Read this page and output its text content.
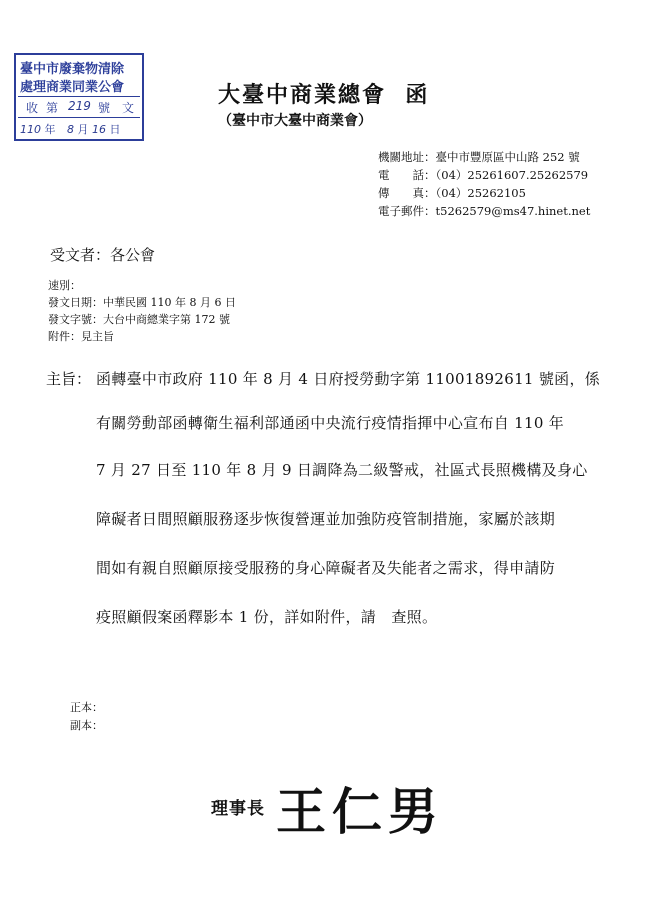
臺中市廢棄物清除
處理商業同業公會
收 第 219 號 文
110 年 8 月 16 日
大臺中商業總會  函
（臺中市大臺中商業會）
機關地址：臺中市豐原區中山路 252 號
電　　話：（04）25261607.25262579
傳　　真：（04）25262105
電子郵件：t5262579@ms47.hinet.net
受文者：各公會
速別：
發文日期：中華民國 110 年 8 月 6 日
發文字號：大台中商總業字第 172 號
附件：見主旨
主旨： 函轉臺中市政府 110 年 8 月 4 日府授勞動字第 11001892611 號函，係
有關勞動部函轉衛生福利部通函中央流行疫情指揮中心宣布自 110 年
7 月 27 日至 110 年 8 月 9 日調降為二級警戒，社區式長照機構及身心
障礙者日間照顧服務逐步恢復營運並加強防疫管制措施，家屬於該期
間如有親自照顧原接受服務的身心障礙者及失能者之需求，得申請防
疫照顧假案函釋影本 1 份，詳如附件，請　查照。
正本：
副本：
理事長 王仁男
